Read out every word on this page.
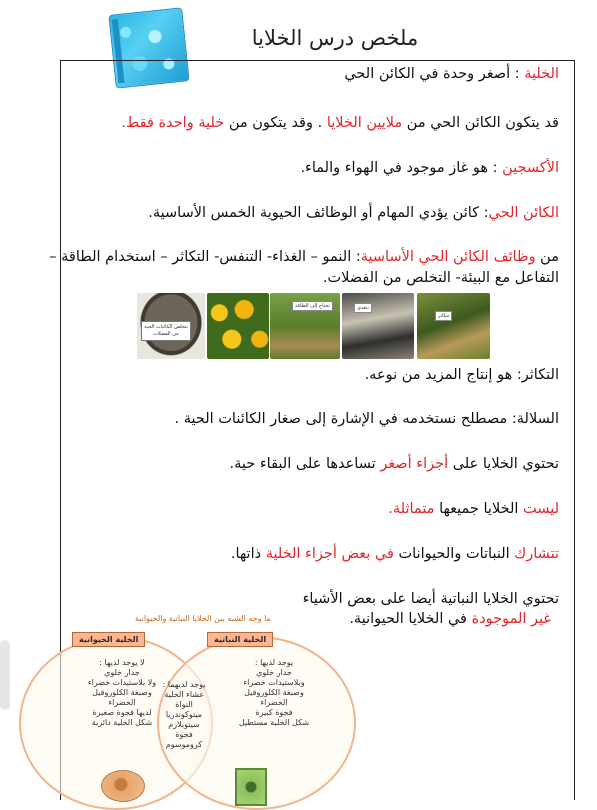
ملخص درس الخلايا
الخلية : أصغر وحدة في الكائن الحي
قد يتكون الكائن الحي من ملايين الخلايا . وقد يتكون من خلية واحدة فقط.
الأكسجين : هو غاز موجود في الهواء والماء.
الكائن الحي: كائن يؤدي المهام أو الوظائف الحيوية الخمس الأساسية.
من وظائف الكائن الحي الأساسية: النمو – الغذاء- التنفس- التكاثر – استخدام الطاقة –
التفاعل مع البيئة- التخلص من الفضلات.
تتكاثر
تتغذى
تحتاج إلى الطاقة
تتخلص الكائنات الحية من الفضلات
التكاثر: هو إنتاج المزيد من نوعه.
السلالة: مصطلح نستخدمه في الإشارة إلى صغار الكائنات الحية .
تحتوي الخلايا على أجزاء أصغر تساعدها على البقاء حية.
ليست الخلايا جميعها متماثلة.
تتشارك النباتات والحيوانات في بعض أجزاء الخلية ذاتها.
تحتوي الخلايا النباتية أيضا على بعض الأشياء
غير الموجودة في الخلايا الحيوانية.
ما وجه الشبه بين الخلايا النباتية والحيوانية
الخلية الحيوانية	الخلية النباتية
لا يوجد لديها :
جدار خلوي
ولا بلاستيدات خضراء
وصبغة الكلوروفيل
الخضراء
لديها فجوة صغيرة
شكل الخلية دائرية
يوجد لديهما :
غشاء الخلية
النواة
ميتوكوندريا
سيتوبلازم
فجوة
كروموسوم
يوجد لديها :
جدار خلوي
وبلاستيدات خضراء
وصبغة الكلوروفيل
الخضراء
فجوة كبيرة
شكل الخلية مستطيل
